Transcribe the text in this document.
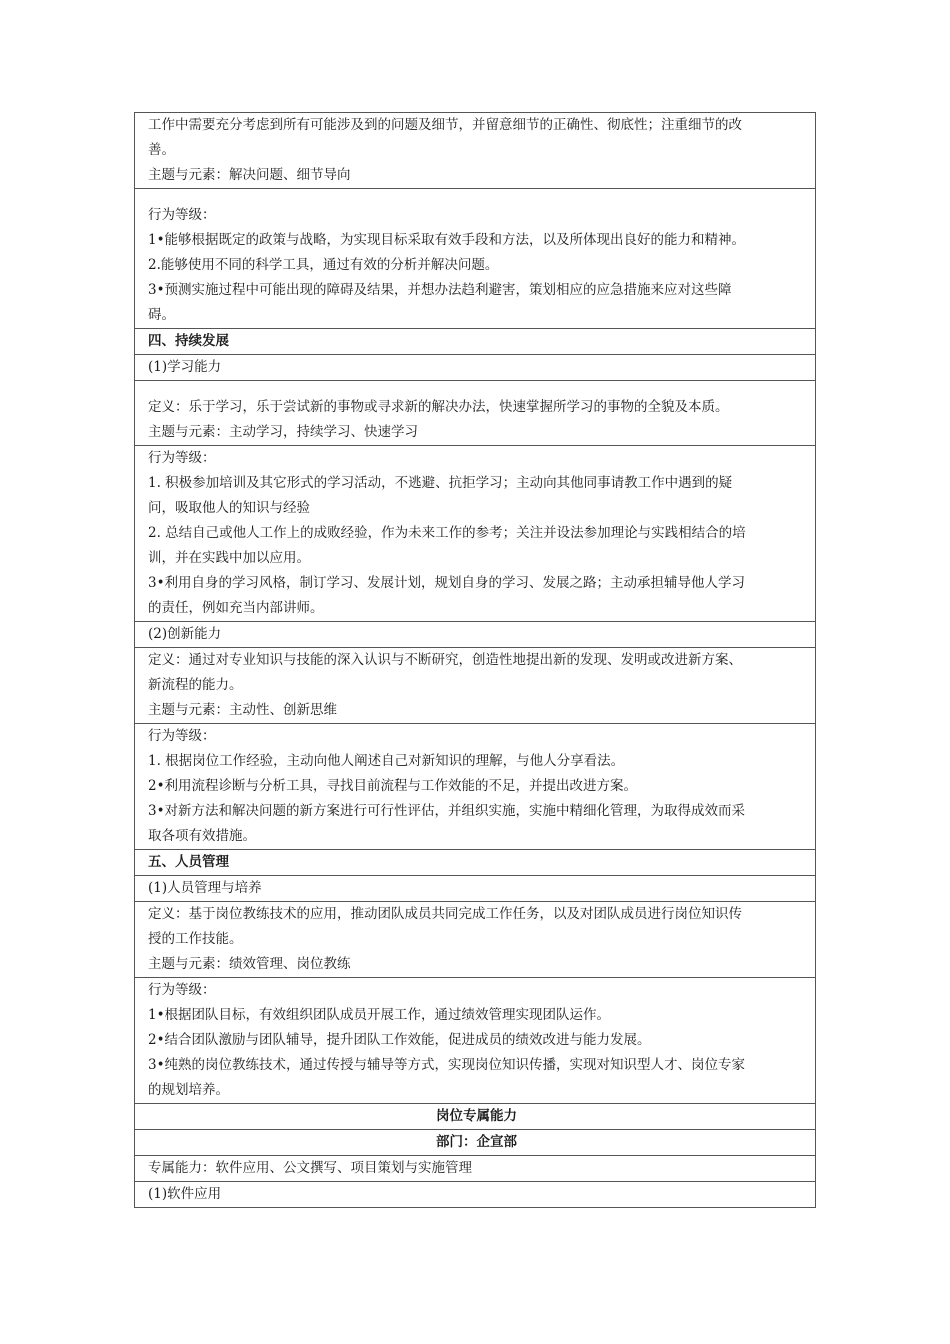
工作中需要充分考虑到所有可能涉及到的问题及细节，并留意细节的正确性、彻底性；注重细节的改
善。
主题与元素：解决问题、细节导向

行为等级：
1•能够根据既定的政策与战略，为实现目标采取有效手段和方法，以及所体现出良好的能力和精神。
2.能够使用不同的科学工具，通过有效的分析并解决问题。
3•预测实施过程中可能出现的障碍及结果，并想办法趋利避害，策划相应的应急措施来应对这些障
碍。

四、持续发展
(1)学习能力

定义：乐于学习，乐于尝试新的事物或寻求新的解决办法，快速掌握所学习的事物的全貌及本质。
主题与元素：主动学习，持续学习、快速学习

行为等级：
1. 积极参加培训及其它形式的学习活动，不逃避、抗拒学习；主动向其他同事请教工作中遇到的疑
问，吸取他人的知识与经验
2. 总结自己或他人工作上的成败经验，作为未来工作的参考；关注并设法参加理论与实践相结合的培
训，并在实践中加以应用。
3•利用自身的学习风格，制订学习、发展计划，规划自身的学习、发展之路；主动承担辅导他人学习
的责任，例如充当内部讲师。

(2)创新能力

定义：通过对专业知识与技能的深入认识与不断研究，创造性地提出新的发现、发明或改进新方案、
新流程的能力。
主题与元素：主动性、创新思维

行为等级：
1. 根据岗位工作经验，主动向他人阐述自己对新知识的理解，与他人分享看法。
2•利用流程诊断与分析工具，寻找目前流程与工作效能的不足，并提出改进方案。
3•对新方法和解决问题的新方案进行可行性评估，并组织实施，实施中精细化管理，为取得成效而采
取各项有效措施。

五、人员管理
(1)人员管理与培养

定义：基于岗位教练技术的应用，推动团队成员共同完成工作任务，以及对团队成员进行岗位知识传
授的工作技能。
主题与元素：绩效管理、岗位教练

行为等级：
1•根据团队目标，有效组织团队成员开展工作，通过绩效管理实现团队运作。
2•结合团队激励与团队辅导，提升团队工作效能，促进成员的绩效改进与能力发展。
3•纯熟的岗位教练技术，通过传授与辅导等方式，实现岗位知识传播，实现对知识型人才、岗位专家
的规划培养。

岗位专属能力
部门：企宣部
专属能力：软件应用、公文撰写、项目策划与实施管理
(1)软件应用
